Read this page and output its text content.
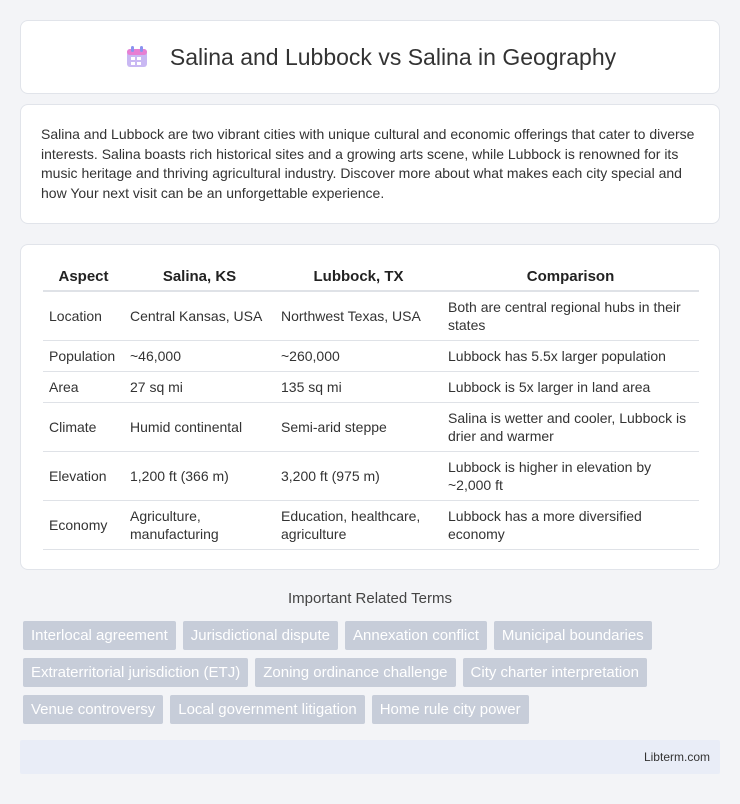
Salina and Lubbock vs Salina in Geography

Salina and Lubbock are two vibrant cities with unique cultural and economic offerings that cater to diverse interests. Salina boasts rich historical sites and a growing arts scene, while Lubbock is renowned for its music heritage and thriving agricultural industry. Discover more about what makes each city special and how Your next visit can be an unforgettable experience.

Aspect	Salina, KS	Lubbock, TX	Comparison
Location	Central Kansas, USA	Northwest Texas, USA	Both are central regional hubs in their states
Population	~46,000	~260,000	Lubbock has 5.5x larger population
Area	27 sq mi	135 sq mi	Lubbock is 5x larger in land area
Climate	Humid continental	Semi-arid steppe	Salina is wetter and cooler, Lubbock is drier and warmer
Elevation	1,200 ft (366 m)	3,200 ft (975 m)	Lubbock is higher in elevation by ~2,000 ft
Economy	Agriculture, manufacturing	Education, healthcare, agriculture	Lubbock has a more diversified economy
Important Related Terms
Interlocal agreement	Jurisdictional dispute	Annexation conflict	Municipal boundaries
Extraterritorial jurisdiction (ETJ)	Zoning ordinance challenge	City charter interpretation
Venue controversy	Local government litigation	Home rule city power
Libterm.com
